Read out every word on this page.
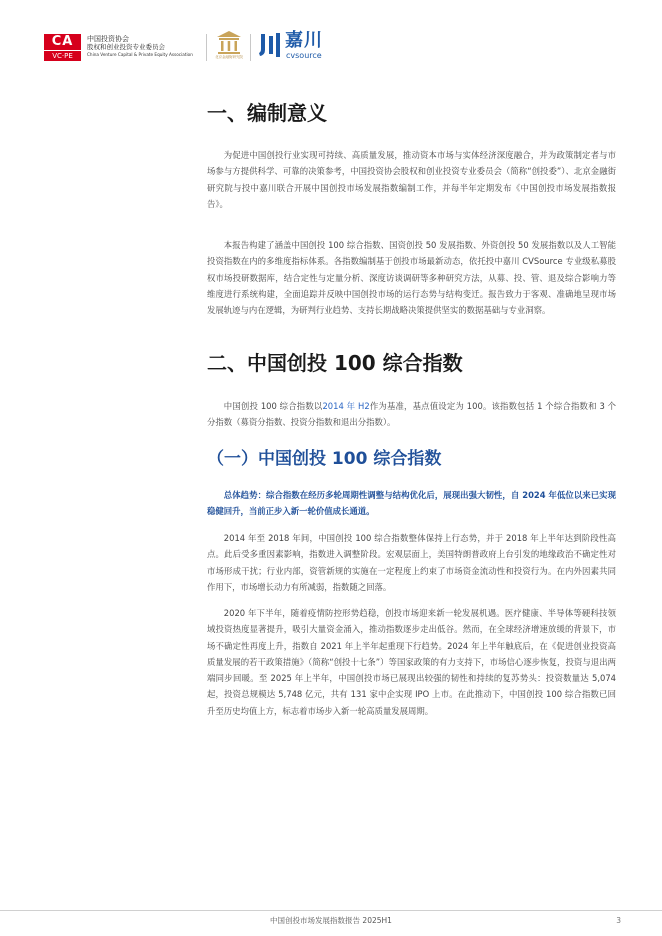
CA
VC·PE
中国投资协会
股权和创业投资专业委员会
China Venture Capital & Private Equity Association	北京金融街研究院
嘉川
cvsource
一、编制意义

为促进中国创投行业实现可持续、高质量发展，推动资本市场与实体经济深度融合，并为政策制定者与市场参与方提供科学、可靠的决策参考，中国投资协会股权和创业投资专业委员会（简称“创投委”）、北京金融街研究院与投中嘉川联合开展中国创投市场发展指数编制工作，并每半年定期发布《中国创投市场发展指数报告》。

本报告构建了涵盖中国创投 100 综合指数、国资创投 50 发展指数、外资创投 50 发展指数以及人工智能投资指数在内的多维度指标体系。各指数编制基于创投市场最新动态，依托投中嘉川 CVSource 专业级私募股权市场投研数据库，结合定性与定量分析、深度访谈调研等多种研究方法，从募、投、管、退及综合影响力等维度进行系统构建，全面追踪并反映中国创投市场的运行态势与结构变迁。报告致力于客观、准确地呈现市场发展轨迹与内在逻辑，为研判行业趋势、支持长期战略决策提供坚实的数据基础与专业洞察。

二、中国创投 100 综合指数

中国创投 100 综合指数以2014 年 H2作为基准，基点值设定为 100。该指数包括 1 个综合指数和 3 个分指数（募资分指数、投资分指数和退出分指数）。

（一）中国创投 100 综合指数

总体趋势：综合指数在经历多轮周期性调整与结构优化后，展现出强大韧性，自 2024 年低位以来已实现稳健回升，当前正步入新一轮价值成长通道。

2014 年至 2018 年间，中国创投 100 综合指数整体保持上行态势，并于 2018 年上半年达到阶段性高点。此后受多重因素影响，指数进入调整阶段。宏观层面上，美国特朗普政府上台引发的地缘政治不确定性对市场形成干扰；行业内部，资管新规的实施在一定程度上约束了市场资金流动性和投资行为。在内外因素共同作用下，市场增长动力有所减弱，指数随之回落。

2020 年下半年，随着疫情防控形势趋稳，创投市场迎来新一轮发展机遇。医疗健康、半导体等硬科技领域投资热度显著提升，吸引大量资金涌入，推动指数逐步走出低谷。然而，在全球经济增速放缓的背景下，市场不确定性再度上升，指数自 2021 年上半年起重现下行趋势。2024 年上半年触底后，在《促进创业投资高质量发展的若干政策措施》（简称“创投十七条”）等国家政策的有力支持下，市场信心逐步恢复，投资与退出两端同步回暖。至 2025 年上半年，中国创投市场已展现出较强的韧性和持续的复苏势头：投资数量达 5,074 起，投资总规模达 5,748 亿元，共有 131 家中企实现 IPO 上市。在此推动下，中国创投 100 综合指数已回升至历史均值上方，标志着市场步入新一轮高质量发展周期。

中国创投市场发展指数报告 2025H1	3
